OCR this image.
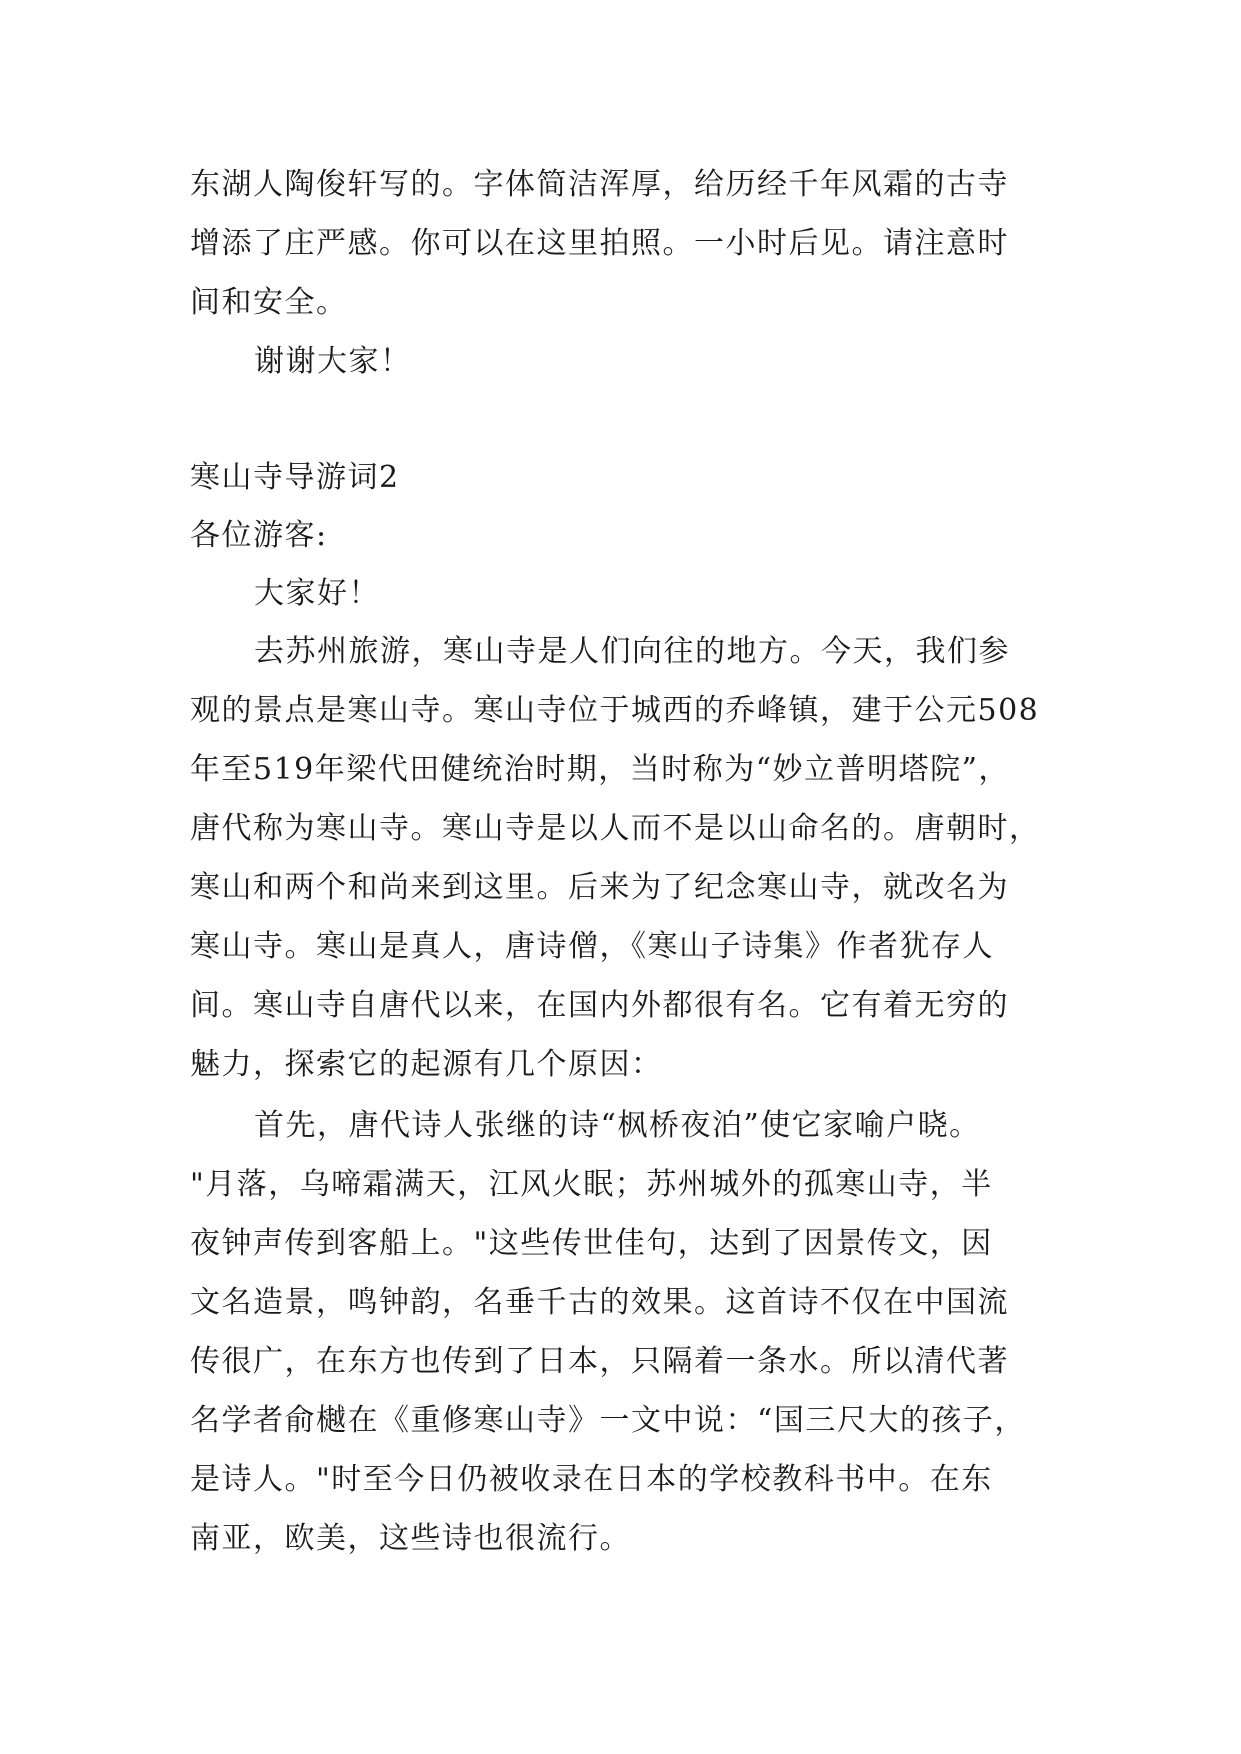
东湖人陶俊轩写的。字体简洁浑厚，给历经千年风霜的古寺
增添了庄严感。你可以在这里拍照。一小时后见。请注意时
间和安全。

谢谢大家！

寒山寺导游词2

各位游客:

大家好！

去苏州旅游，寒山寺是人们向往的地方。今天，我们参
观的景点是寒山寺。寒山寺位于城西的乔峰镇，建于公元508
年至519年梁代田健统治时期，当时称为“妙立普明塔院”，
唐代称为寒山寺。寒山寺是以人而不是以山命名的。唐朝时，
寒山和两个和尚来到这里。后来为了纪念寒山寺，就改名为
寒山寺。寒山是真人，唐诗僧，《寒山子诗集》作者犹存人
间。寒山寺自唐代以来，在国内外都很有名。它有着无穷的
魅力，探索它的起源有几个原因：

首先，唐代诗人张继的诗“枫桥夜泊”使它家喻户晓。
"月落，乌啼霜满天，江风火眠；苏州城外的孤寒山寺，半
夜钟声传到客船上。"这些传世佳句，达到了因景传文，因
文名造景，鸣钟韵，名垂千古的效果。这首诗不仅在中国流
传很广，在东方也传到了日本，只隔着一条水。所以清代著
名学者俞樾在《重修寒山寺》一文中说：“国三尺大的孩子，
是诗人。"时至今日仍被收录在日本的学校教科书中。在东
南亚，欧美，这些诗也很流行。
